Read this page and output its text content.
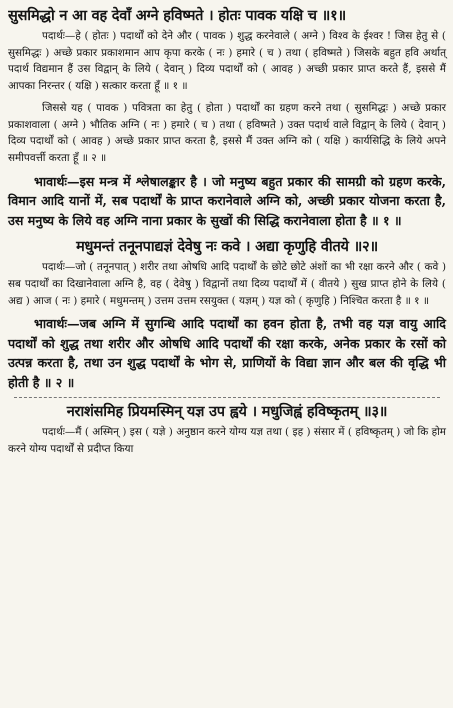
सुसमिद्धो न आ वह देवाँ अग्ने हविष्मते । होतः पावक यक्षि च ॥१॥

पदार्थः—हे ( होतः ) पदार्थों को देने और ( पावक ) शुद्ध करनेवाले ( अग्ने ) विश्व के ईश्वर ! जिस हेतु से ( सुसमिद्धः ) अच्छे प्रकार प्रकाशमान आप कृपा करके ( नः ) हमारे ( च ) तथा ( हविष्मते ) जिसके बहुत हवि अर्थात् पदार्थ विद्यमान हैं उस विद्वान् के लिये ( देवान् ) दिव्य पदार्थों को ( आवह ) अच्छी प्रकार प्राप्त करते हैं, इससे मैं आपका निरन्तर ( यक्षि ) सत्कार करता हूँ ॥ १ ॥

जिससे यह ( पावक ) पवित्रता का हेतु ( होता ) पदार्थों का ग्रहण करने तथा ( सुसमिद्धः ) अच्छे प्रकार प्रकाशवाला ( अग्ने ) भौतिक अग्नि ( नः ) हमारे ( च ) तथा ( हविष्मते ) उक्त पदार्थ वाले विद्वान् के लिये ( देवान् ) दिव्य पदार्थों को ( आवह ) अच्छे प्रकार प्राप्त करता है, इससे मैं उक्त अग्नि को ( यक्षि ) कार्यसिद्धि के लिये अपने समीपवर्त्ती करता हूँ ॥ २ ॥

भावार्थः—इस मन्त्र में श्लेषालङ्कार है । जो मनुष्य बहुत प्रकार की सामग्री को ग्रहण करके, विमान आदि यानों में, सब पदार्थों के प्राप्त करानेवाले अग्नि को, अच्छी प्रकार योजना करता है, उस मनुष्य के लिये वह अग्नि नाना प्रकार के सुखों की सिद्धि करानेवाला होता है ॥ १ ॥

मधुमन्तं तनूनपाद्यज्ञं देवेषु नः कवे । अद्या कृणुहि वीतये ॥२॥

पदार्थः—जो ( तनूनपात् ) शरीर तथा ओषधि आदि पदार्थों के छोटे छोटे अंशों का भी रक्षा करने और ( कवे ) सब पदार्थों का दिखानेवाला अग्नि है, वह ( देवेषु ) विद्वानों तथा दिव्य पदार्थों में ( वीतये ) सुख प्राप्त होने के लिये ( अद्य ) आज ( नः ) हमारे ( मधुमन्तम् ) उत्तम उत्तम रसयुक्त ( यज्ञम् ) यज्ञ को ( कृणुहि ) निश्चित करता है ॥ १ ॥

भावार्थः—जब अग्नि में सुगन्धि आदि पदार्थों का हवन होता है, तभी वह यज्ञ वायु आदि पदार्थों को शुद्ध तथा शरीर और ओषधि आदि पदार्थों की रक्षा करके, अनेक प्रकार के रसों को उत्पन्न करता है, तथा उन शुद्ध पदार्थों के भोग से, प्राणियों के विद्या ज्ञान और बल की वृद्धि भी होती है ॥ २ ॥

नराशंसमिह प्रियमस्मिन् यज्ञ उप ह्वये । मधुजिह्वं हविष्कृतम् ॥३॥

पदार्थः—मैं ( अस्मिन् ) इस ( यज्ञे ) अनुष्ठान करने योग्य यज्ञ तथा ( इह ) संसार में ( हविष्कृतम् ) जो कि होम करने योग्य पदार्थों से प्रदीप्त किया
